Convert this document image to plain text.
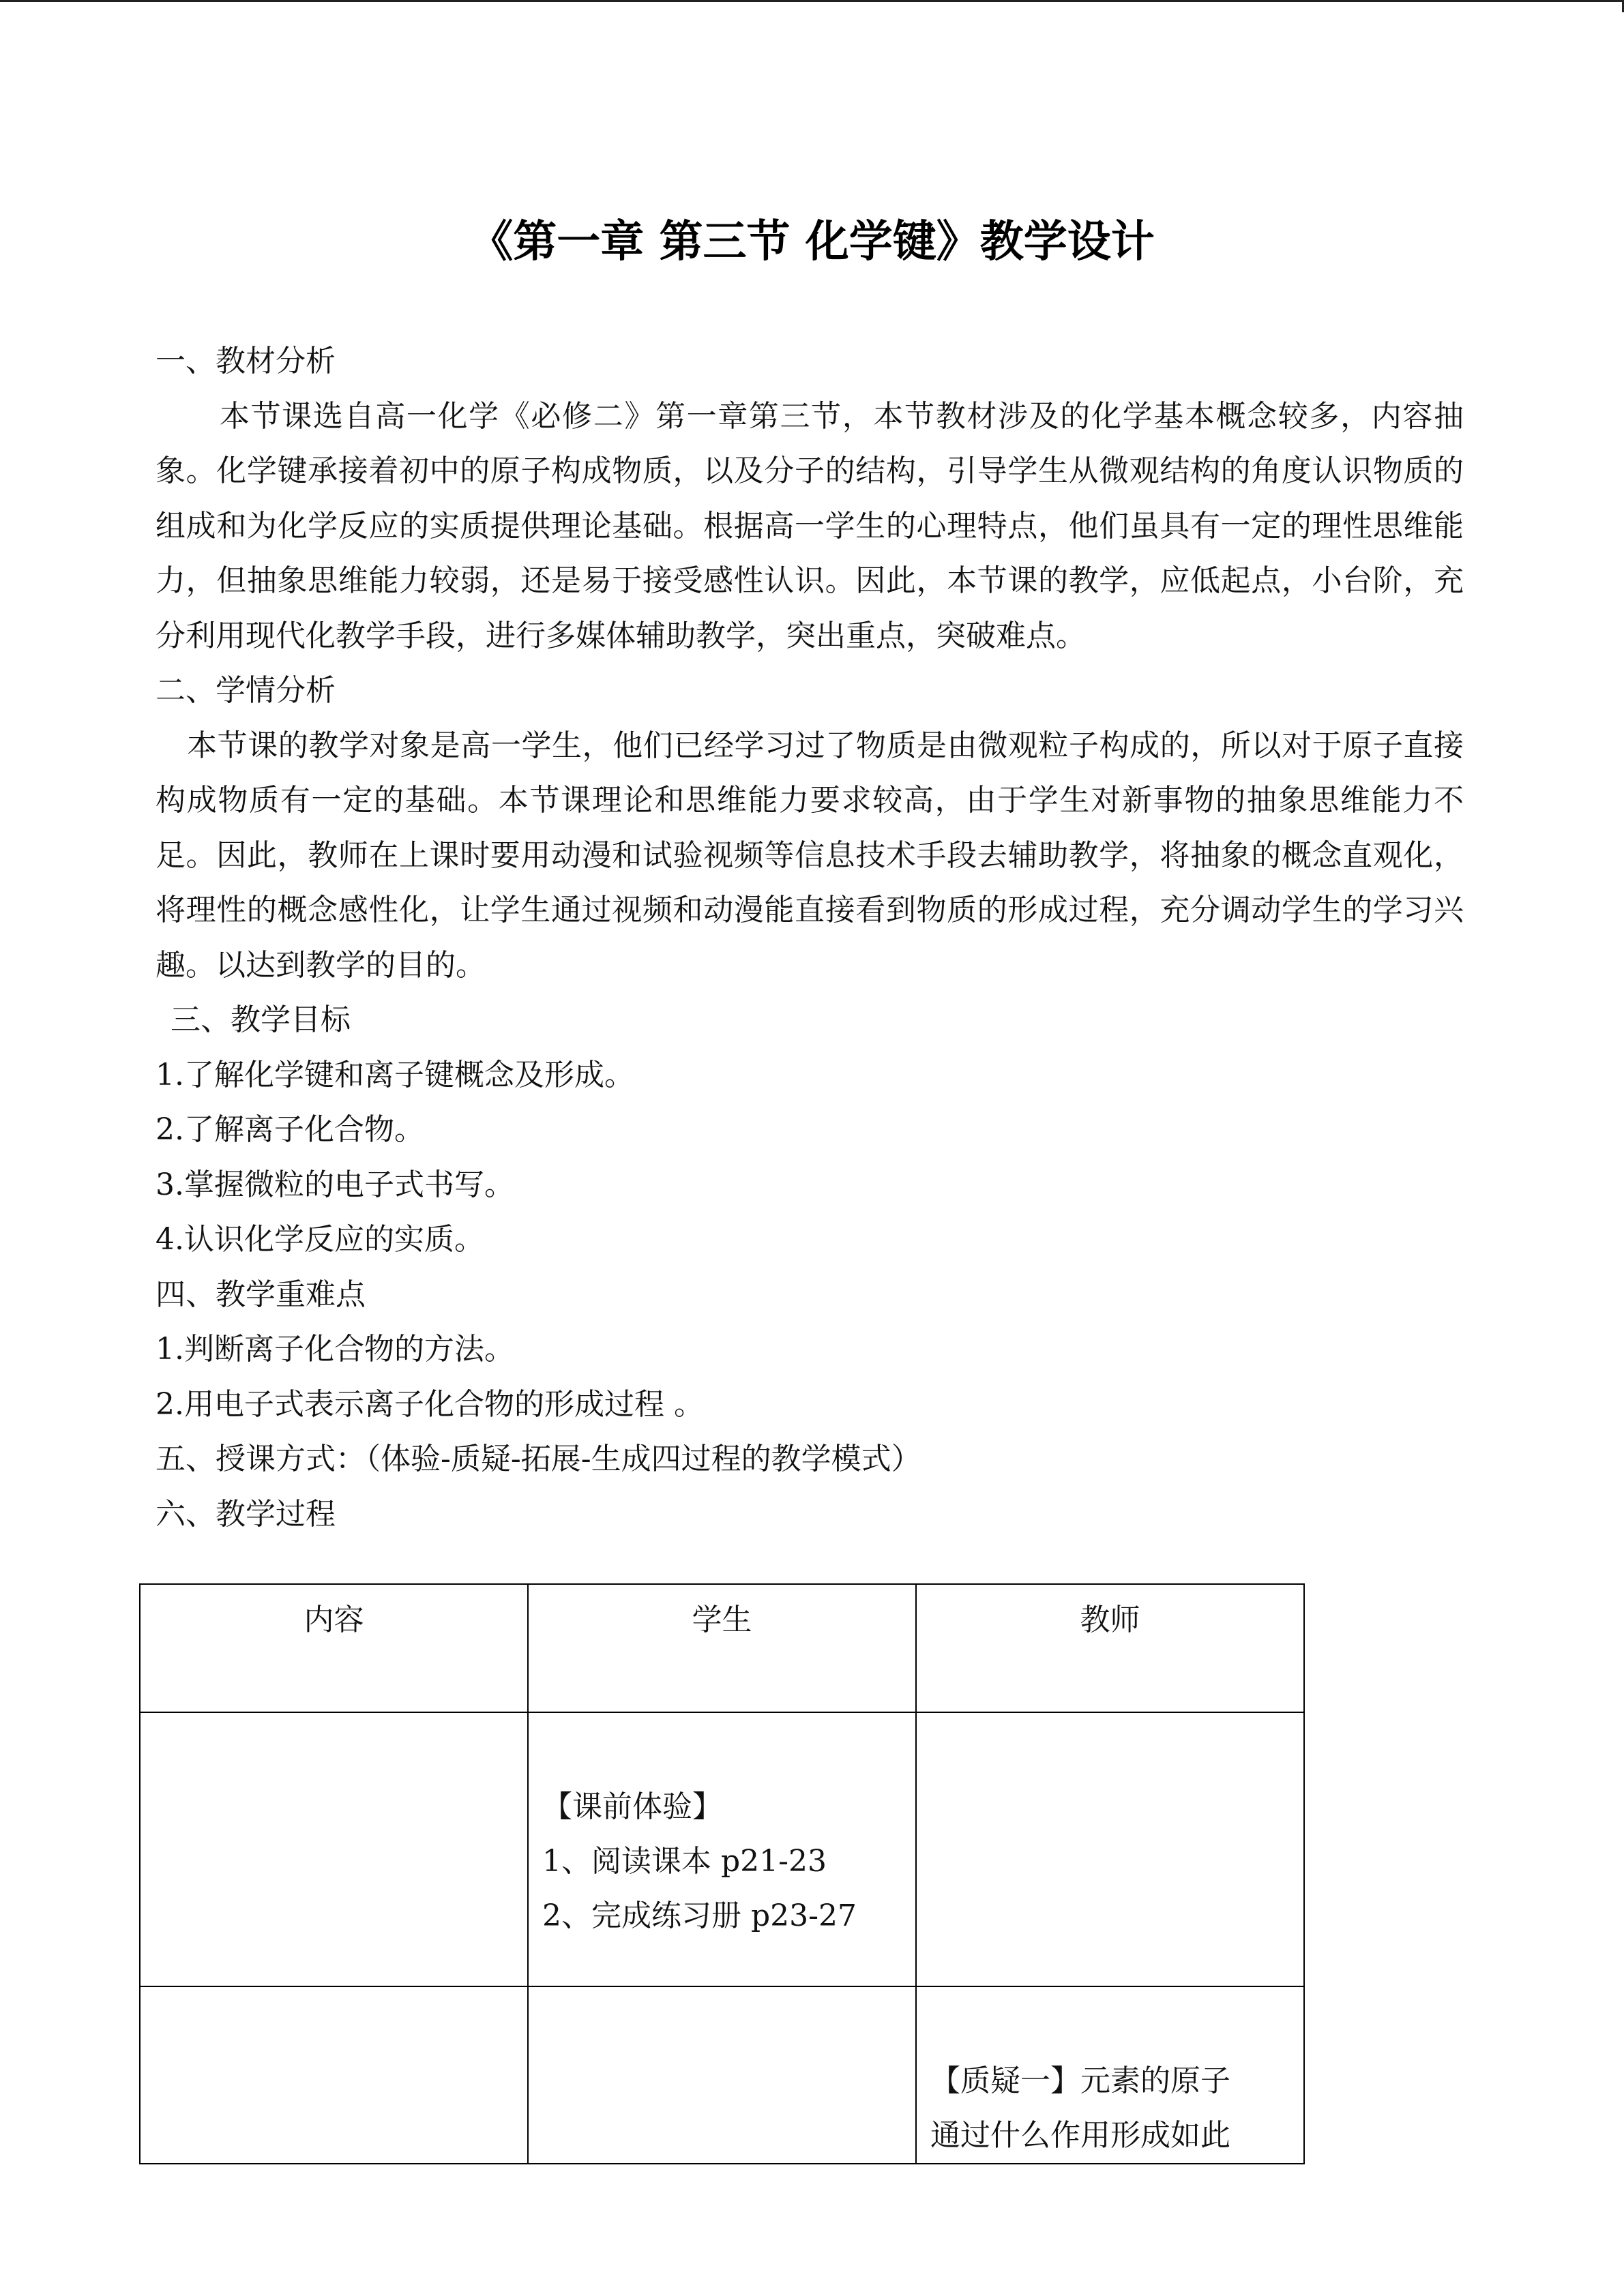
《第一章 第三节 化学键》教学设计

一、教材分析

本节课选自高一化学《必修二》第一章第三节，本节教材涉及的化学基本概念较多，内容抽象。化学键承接着初中的原子构成物质，以及分子的结构，引导学生从微观结构的角度认识物质的组成和为化学反应的实质提供理论基础。根据高一学生的心理特点，他们虽具有一定的理性思维能力，但抽象思维能力较弱，还是易于接受感性认识。因此，本节课的教学，应低起点，小台阶，充分利用现代化教学手段，进行多媒体辅助教学，突出重点，突破难点。

二、学情分析

本节课的教学对象是高一学生，他们已经学习过了物质是由微观粒子构成的，所以对于原子直接构成物质有一定的基础。本节课理论和思维能力要求较高，由于学生对新事物的抽象思维能力不足。因此，教师在上课时要用动漫和试验视频等信息技术手段去辅助教学，将抽象的概念直观化，将理性的概念感性化，让学生通过视频和动漫能直接看到物质的形成过程，充分调动学生的学习兴趣。以达到教学的目的。

三、教学目标

1.了解化学键和离子键概念及形成。

2.了解离子化合物。

3.掌握微粒的电子式书写。

4.认识化学反应的实质。

四、教学重难点

1.判断离子化合物的方法。

2.用电子式表示离子化合物的形成过程 。

五、授课方式：（体验-质疑-拓展-生成四过程的教学模式）

六、教学过程

内容	学生	教师

	【课前体验】

1、阅读课本 p21-23

2、完成练习册 p23-27	

		【质疑一】元素的原子

通过什么作用形成如此
